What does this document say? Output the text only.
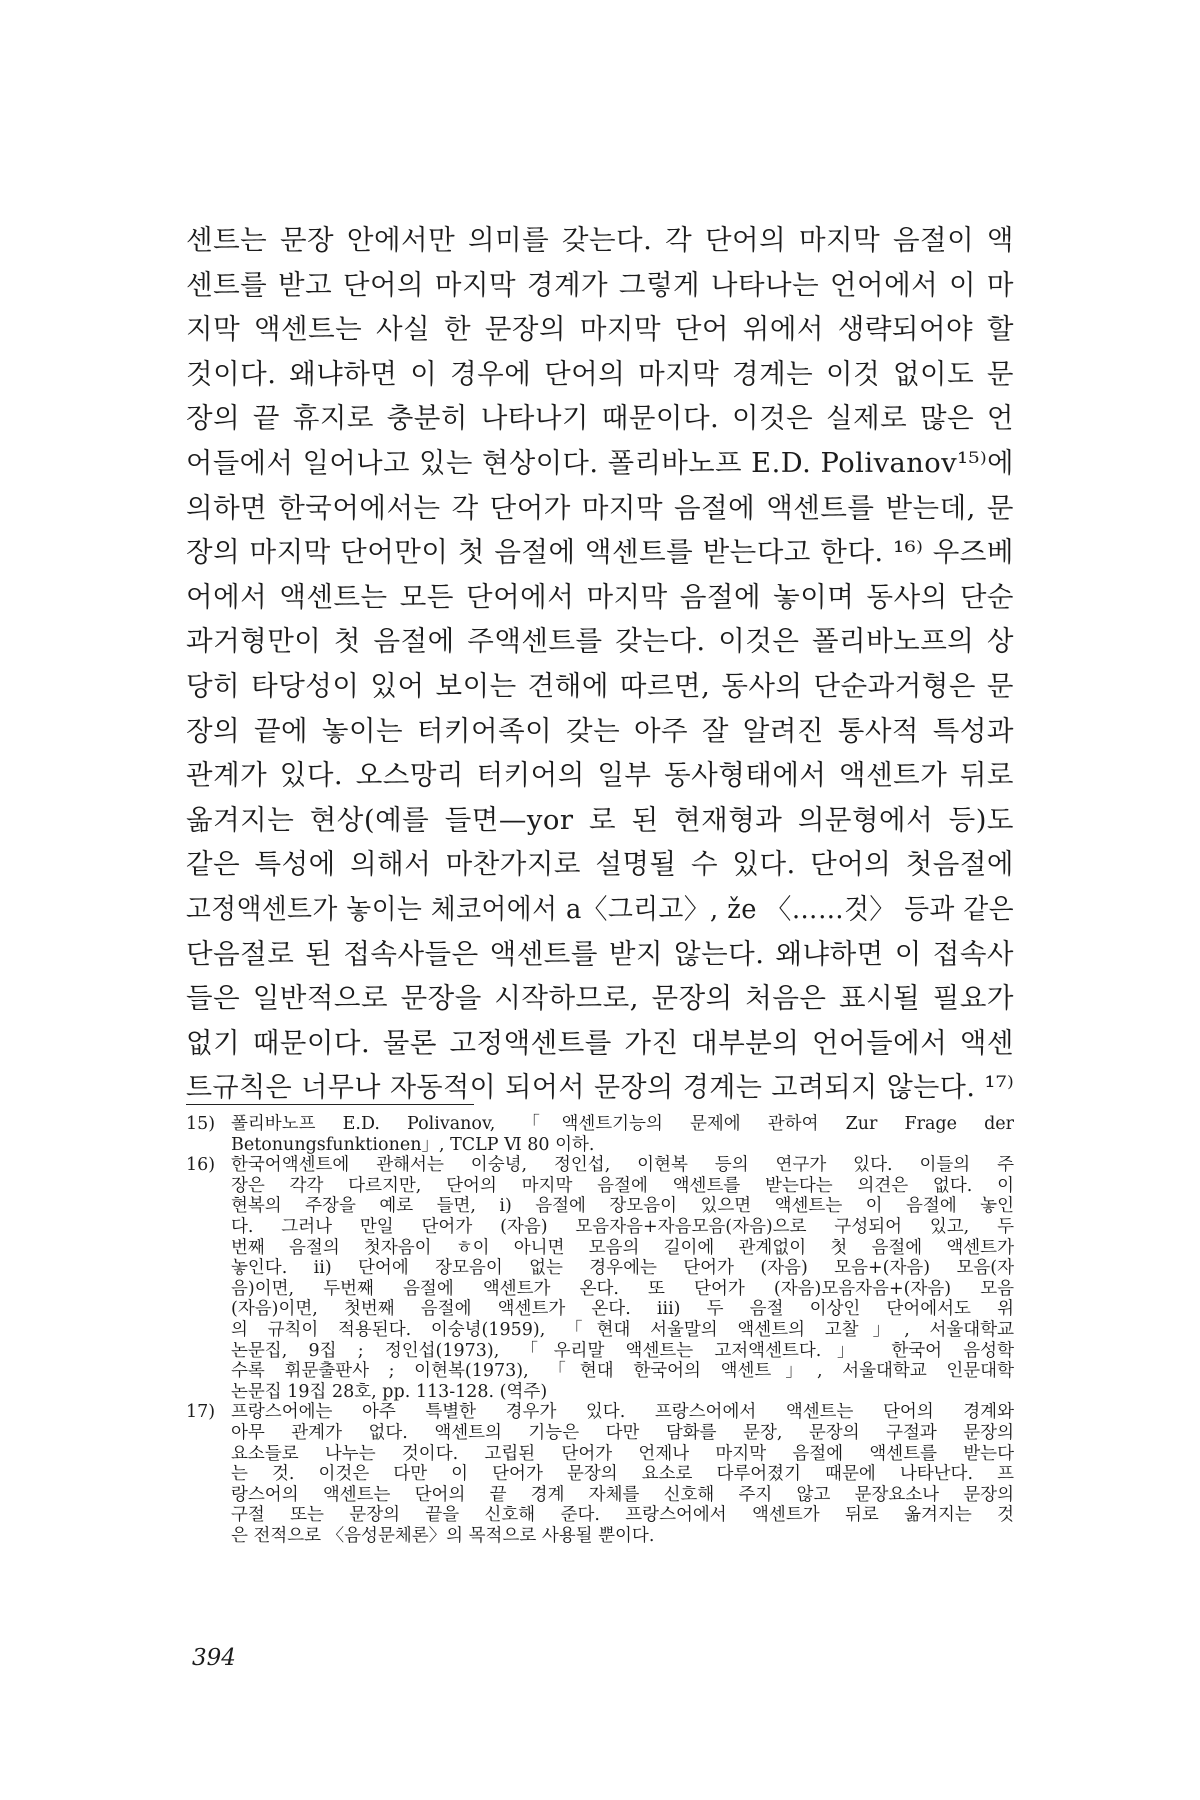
센트는 문장 안에서만 의미를 갖는다. 각 단어의 마지막 음절이 액
센트를 받고 단어의 마지막 경계가 그렇게 나타나는 언어에서 이 마
지막 액센트는 사실 한 문장의 마지막 단어 위에서 생략되어야 할
것이다. 왜냐하면 이 경우에 단어의 마지막 경계는 이것 없이도 문
장의 끝 휴지로 충분히 나타나기 때문이다. 이것은 실제로 많은 언
어들에서 일어나고 있는 현상이다. 폴리바노프 E.D. Polivanov¹⁵⁾에
의하면 한국어에서는 각 단어가 마지막 음절에 액센트를 받는데, 문
장의 마지막 단어만이 첫 음절에 액센트를 받는다고 한다. ¹⁶⁾ 우즈베
어에서 액센트는 모든 단어에서 마지막 음절에 놓이며 동사의 단순
과거형만이 첫 음절에 주액센트를 갖는다. 이것은 폴리바노프의 상
당히 타당성이 있어 보이는 견해에 따르면, 동사의 단순과거형은 문
장의 끝에 놓이는 터키어족이 갖는 아주 잘 알려진 통사적 특성과
관계가 있다. 오스망리 터키어의 일부 동사형태에서 액센트가 뒤로
옮겨지는 현상(예를 들면—yor 로 된 현재형과 의문형에서 등)도
같은 특성에 의해서 마찬가지로 설명될 수 있다. 단어의 첫음절에
고정액센트가 놓이는 체코어에서 a〈그리고〉, že 〈……것〉 등과 같은
단음절로 된 접속사들은 액센트를 받지 않는다. 왜냐하면 이 접속사
들은 일반적으로 문장을 시작하므로, 문장의 처음은 표시될 필요가
없기 때문이다. 물론 고정액센트를 가진 대부분의 언어들에서 액센
트규칙은 너무나 자동적이 되어서 문장의 경계는 고려되지 않는다. ¹⁷⁾
15) 폴리바노프 E.D. Polivanov, 「액센트기능의 문제에 관하여 Zur Frage der
Betonungsfunktionen」, TCLP Ⅵ 80 이하.
16) 한국어액센트에 관해서는 이숭녕, 정인섭, 이현복 등의 연구가 있다. 이들의 주
장은 각각 다르지만, 단어의 마지막 음절에 액센트를 받는다는 의견은 없다. 이
현복의 주장을 예로 들면, i) 음절에 장모음이 있으면 액센트는 이 음절에 놓인
다. 그러나 만일 단어가 (자음) 모음자음+자음모음(자음)으로 구성되어 있고, 두
번째 음절의 첫자음이 ㅎ이 아니면 모음의 길이에 관계없이 첫 음절에 액센트가
놓인다. ii) 단어에 장모음이 없는 경우에는 단어가 (자음) 모음+(자음) 모음(자
음)이면, 두번째 음절에 액센트가 온다. 또 단어가 (자음)모음자음+(자음) 모음
(자음)이면, 첫번째 음절에 액센트가 온다. iii) 두 음절 이상인 단어에서도 위
의 규칙이 적용된다. 이숭녕(1959), 「현대 서울말의 액센트의 고찰」, 서울대학교
논문집, 9집 ; 정인섭(1973), 「우리말 액센트는 고저액센트다.」 한국어 음성학
수록 휘문출판사 ; 이현복(1973), 「현대 한국어의 액센트」, 서울대학교 인문대학
논문집 19집 28호, pp. 113-128. (역주)
17) 프랑스어에는 아주 특별한 경우가 있다. 프랑스어에서 액센트는 단어의 경계와
아무 관계가 없다. 액센트의 기능은 다만 담화를 문장, 문장의 구절과 문장의
요소들로 나누는 것이다. 고립된 단어가 언제나 마지막 음절에 액센트를 받는다
는 것. 이것은 다만 이 단어가 문장의 요소로 다루어졌기 때문에 나타난다. 프
랑스어의 액센트는 단어의 끝 경계 자체를 신호해 주지 않고 문장요소나 문장의
구절 또는 문장의 끝을 신호해 준다. 프랑스어에서 액센트가 뒤로 옮겨지는 것
은 전적으로 〈음성문체론〉의 목적으로 사용될 뿐이다.
394
